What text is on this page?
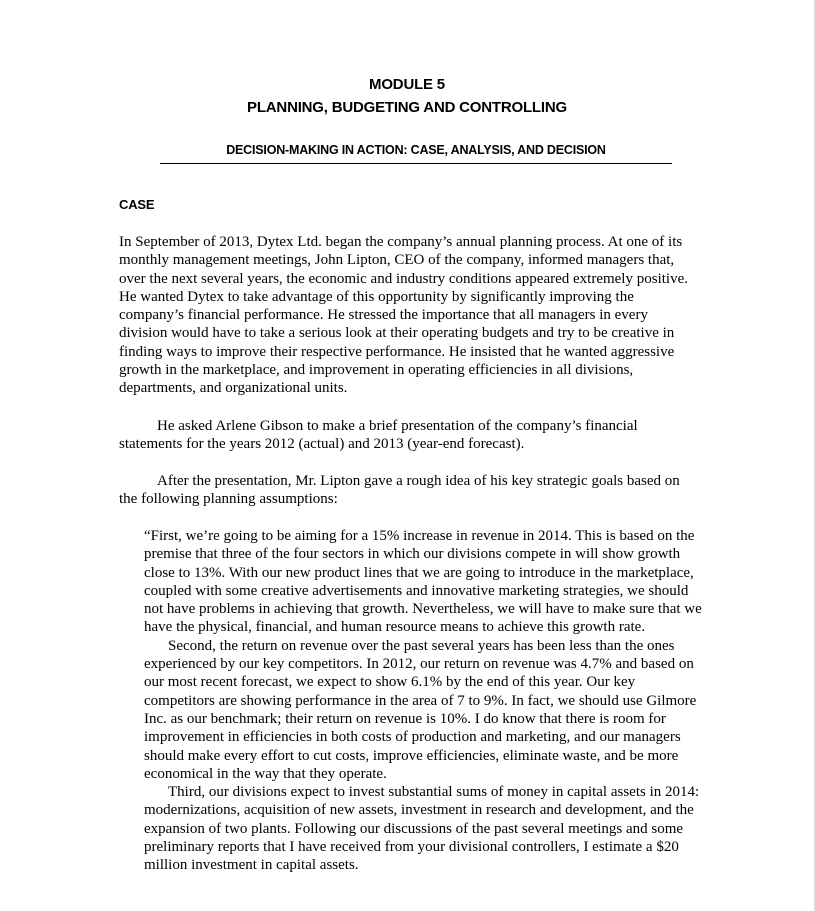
MODULE 5
PLANNING, BUDGETING AND CONTROLLING
DECISION-MAKING IN ACTION: CASE, ANALYSIS, AND DECISION
CASE

In September of 2013, Dytex Ltd. began the company’s annual planning process. At one of its monthly management meetings, John Lipton, CEO of the company, informed managers that, over the next several years, the economic and industry conditions appeared extremely positive. He wanted Dytex to take advantage of this opportunity by significantly improving the company’s financial performance. He stressed the importance that all managers in every division would have to take a serious look at their operating budgets and try to be creative in finding ways to improve their respective performance. He insisted that he wanted aggressive growth in the marketplace, and improvement in operating efficiencies in all divisions, departments, and organizational units.

He asked Arlene Gibson to make a brief presentation of the company’s financial statements for the years 2012 (actual) and 2013 (year-end forecast).

After the presentation, Mr. Lipton gave a rough idea of his key strategic goals based on the following planning assumptions:

“First, we’re going to be aiming for a 15% increase in revenue in 2014. This is based on the premise that three of the four sectors in which our divisions compete in will show growth close to 13%. With our new product lines that we are going to introduce in the marketplace, coupled with some creative advertisements and innovative marketing strategies, we should not have problems in achieving that growth. Nevertheless, we will have to make sure that we have the physical, financial, and human resource means to achieve this growth rate.

Second, the return on revenue over the past several years has been less than the ones experienced by our key competitors. In 2012, our return on revenue was 4.7% and based on our most recent forecast, we expect to show 6.1% by the end of this year. Our key competitors are showing performance in the area of 7 to 9%. In fact, we should use Gilmore Inc. as our benchmark; their return on revenue is 10%. I do know that there is room for improvement in efficiencies in both costs of production and marketing, and our managers should make every effort to cut costs, improve efficiencies, eliminate waste, and be more economical in the way that they operate.

Third, our divisions expect to invest substantial sums of money in capital assets in 2014: modernizations, acquisition of new assets, investment in research and development, and the expansion of two plants. Following our discussions of the past several meetings and some preliminary reports that I have received from your divisional controllers, I estimate a $20 million investment in capital assets.
